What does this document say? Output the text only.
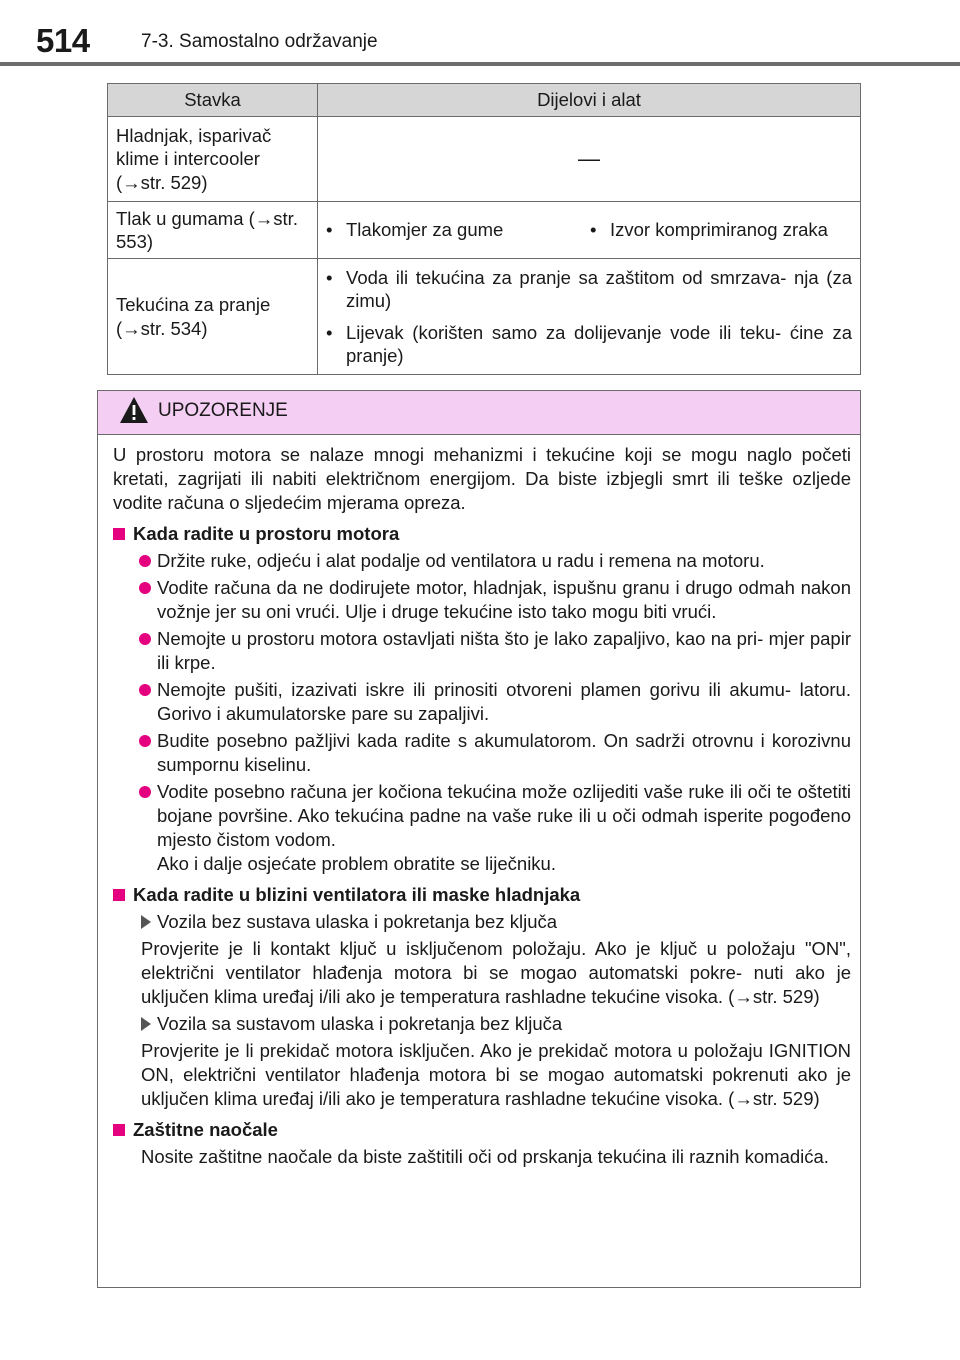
514	7-3. Samostalno održavanje
Stavka	Dijelovi i alat
Hladnjak, isparivač klime i intercooler (→str. 529)	—
Tlak u gumama (→str. 553)	• Tlakomjer za gume • Izvor komprimiranog zraka

Tekućina za pranje (→str. 534)	• Voda ili tekućina za pranje sa zaštitom od smrzava- nja (za zimu)
• Lijevak (korišten samo za dolijevanje vode ili teku- ćine za pranje)
UPOZORENJE

U prostoru motora se nalaze mnogi mehanizmi i tekućine koji se mogu naglo početi kretati, zagrijati ili nabiti električnom energijom. Da biste izbjegli smrt ili teške ozljede vodite računa o sljedećim mjerama opreza.

Kada radite u prostoru motora
Držite ruke, odjeću i alat podalje od ventilatora u radu i remena na motoru.
Vodite računa da ne dodirujete motor, hladnjak, ispušnu granu i drugo odmah nakon vožnje jer su oni vrući. Ulje i druge tekućine isto tako mogu biti vrući.
Nemojte u prostoru motora ostavljati ništa što je lako zapaljivo, kao na pri- mjer papir ili krpe.
Nemojte pušiti, izazivati iskre ili prinositi otvoreni plamen gorivu ili akumu- latoru. Gorivo i akumulatorske pare su zapaljivi.
Budite posebno pažljivi kada radite s akumulatorom. On sadrži otrovnu i korozivnu sumpornu kiselinu.
Vodite posebno računa jer kočiona tekućina može ozlijediti vaše ruke ili oči te oštetiti bojane površine. Ako tekućina padne na vaše ruke ili u oči odmah isperite pogođeno mjesto čistom vodom.

Ako i dalje osjećate problem obratite se liječniku.
Kada radite u blizini ventilatora ili maske hladnjaka
Vozila bez sustava ulaska i pokretanja bez ključa
Provjerite je li kontakt ključ u isključenom položaju. Ako je ključ u položaju "ON", električni ventilator hlađenja motora bi se mogao automatski pokre- nuti ako je uključen klima uređaj i/ili ako je temperatura rashladne tekućine visoka. (→str. 529)
Vozila sa sustavom ulaska i pokretanja bez ključa
Provjerite je li prekidač motora isključen. Ako je prekidač motora u položaju IGNITION ON, električni ventilator hlađenja motora bi se mogao automatski pokrenuti ako je uključen klima uređaj i/ili ako je temperatura rashladne tekućine visoka. (→str. 529)
Zaštitne naočale
Nosite zaštitne naočale da biste zaštitili oči od prskanja tekućina ili raznih komadića.
